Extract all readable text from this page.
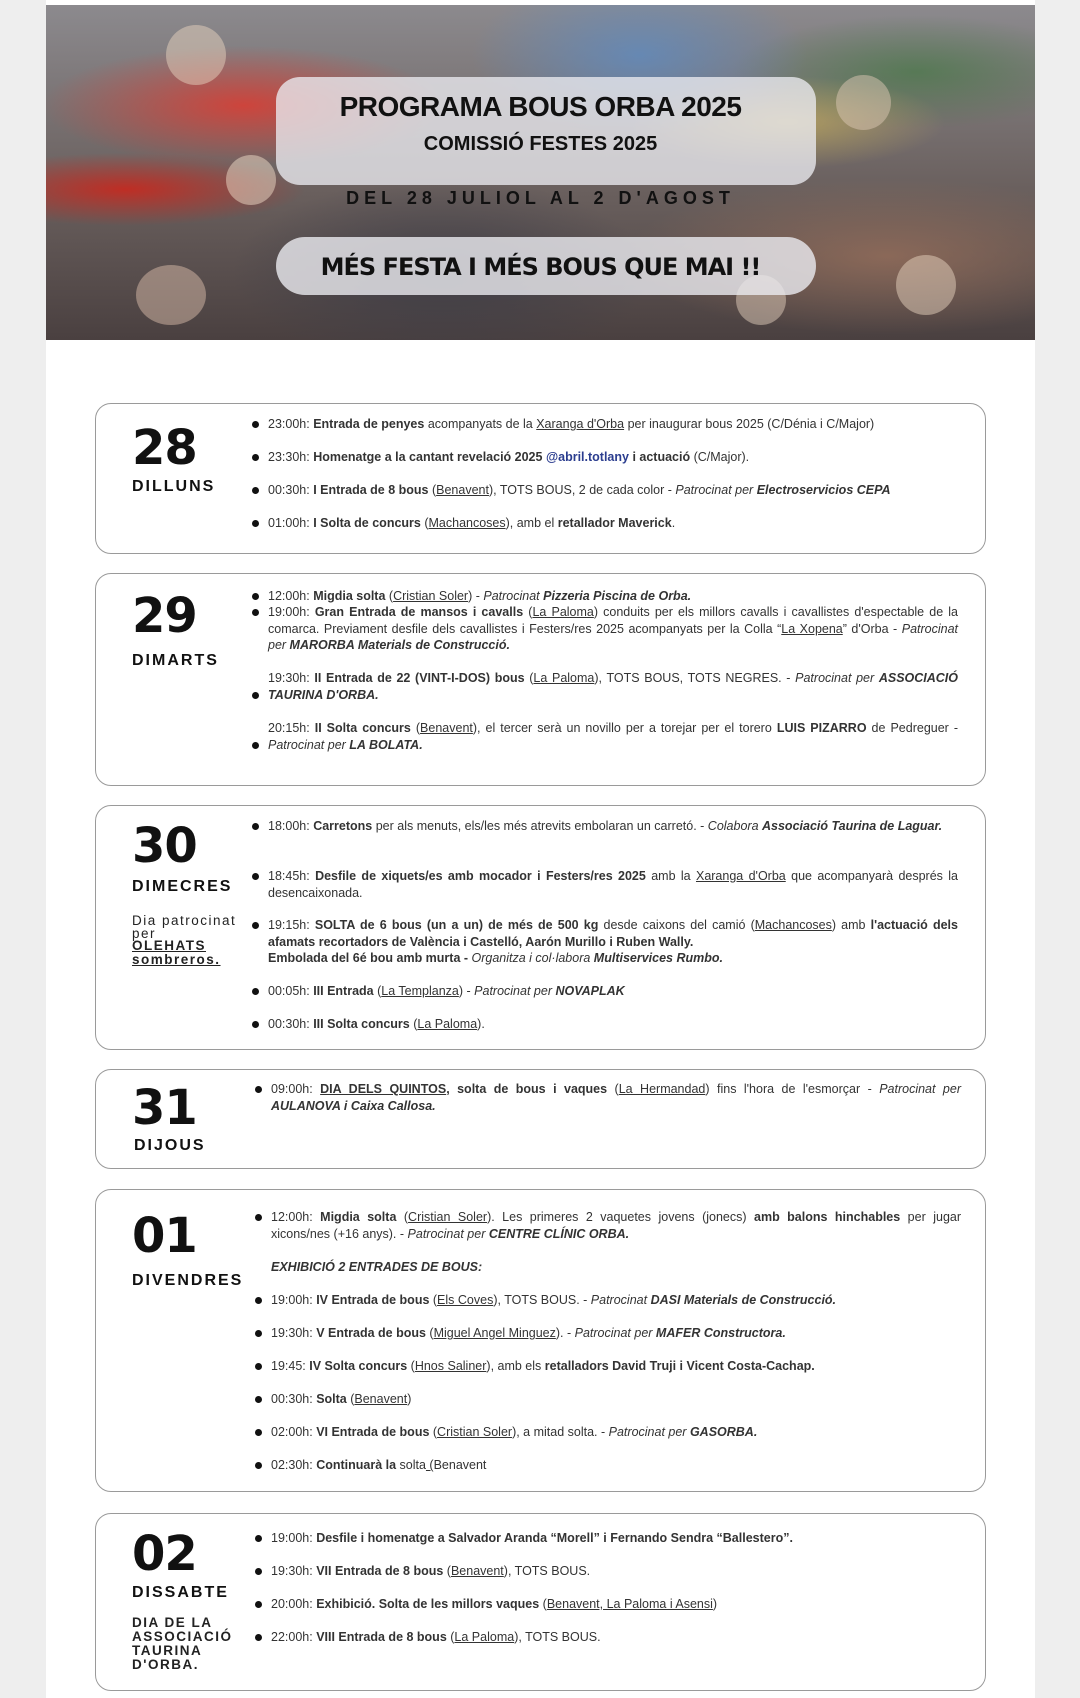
PROGRAMA BOUS ORBA 2025
COMISSIÓ FESTES 2025
DEL 28 JULIOL AL 2 D'AGOST
MÉS FESTA I MÉS BOUS QUE MAI !!
28
DILLUNS
23:00h: Entrada de penyes acompanyats de la Xaranga d'Orba per inaugurar bous 2025 (C/Dénia i C/Major)
23:30h: Homenatge a la cantant revelació 2025 @abril.totlany i actuació (C/Major).
00:30h: I Entrada de 8 bous (Benavent), TOTS BOUS, 2 de cada color - Patrocinat per Electroservicios CEPA
01:00h: I Solta de concurs (Machancoses), amb el retallador Maverick.
29
DIMARTS
12:00h: Migdia solta (Cristian Soler) - Patrocinat Pizzeria Piscina de Orba.
19:00h: Gran Entrada de mansos i cavalls (La Paloma) conduits per els millors cavalls i cavallistes d'espectable de la comarca. Previament desfile dels cavallistes i Festers/res 2025 acompanyats per la Colla “La Xopena” d'Orba - Patrocinat per MARORBA Materials de Construcció.
19:30h: II Entrada de 22 (VINT-I-DOS) bous (La Paloma), TOTS BOUS, TOTS NEGRES. - Patrocinat per ASSOCIACIÓ TAURINA D'ORBA.
20:15h: II Solta concurs (Benavent), el tercer serà un novillo per a torejar per el torero LUIS PIZARRO de Pedreguer - Patrocinat per LA BOLATA.
30
DIMECRES
Dia patrocinat
per
OLEHATS
sombreros.
18:00h: Carretons per als menuts, els/les més atrevits embolaran un carretó. - Colabora Associació Taurina de Laguar.
18:45h: Desfile de xiquets/es amb mocador i Festers/res 2025 amb la Xaranga d'Orba que acompanyarà després la desencaixonada.
19:15h: SOLTA de 6 bous (un a un) de més de 500 kg desde caixons del camió (Machancoses) amb l'actuació dels afamats recortadors de València i Castelló, Aarón Murillo i Ruben Wally.
Embolada del 6é bou amb murta - Organitza i col·labora Multiservices Rumbo.
00:05h: III Entrada (La Templanza) - Patrocinat per NOVAPLAK
00:30h: III Solta concurs (La Paloma).
31
DIJOUS
09:00h: DIA DELS QUINTOS, solta de bous i vaques (La Hermandad) fins l'hora de l'esmorçar - Patrocinat per AULANOVA i Caixa Callosa.
01
DIVENDRES
12:00h: Migdia solta (Cristian Soler). Les primeres 2 vaquetes jovens (jonecs) amb balons hinchables per jugar xicons/nes (+16 anys). - Patrocinat per CENTRE CLÍNIC ORBA.
EXHIBICIÓ 2 ENTRADES DE BOUS:
19:00h: IV Entrada de bous (Els Coves), TOTS BOUS. - Patrocinat DASI Materials de Construcció.
19:30h: V Entrada de bous (Miguel Angel Minguez). - Patrocinat per MAFER Constructora.
19:45: IV Solta concurs (Hnos Saliner), amb els retalladors David Truji i Vicent Costa-Cachap.
00:30h: Solta (Benavent)
02:00h: VI Entrada de bous (Cristian Soler), a mitad solta. - Patrocinat per GASORBA.
02:30h: Continuarà la solta (Benavent
02
DISSABTE
DIA DE LA
ASSOCIACIÓ
TAURINA
D'ORBA.
19:00h: Desfile i homenatge a Salvador Aranda “Morell” i Fernando Sendra “Ballestero”.
19:30h: VII Entrada de 8 bous (Benavent), TOTS BOUS.
20:00h: Exhibició. Solta de les millors vaques (Benavent, La Paloma i Asensi)
22:00h: VIII Entrada de 8 bous (La Paloma), TOTS BOUS.
